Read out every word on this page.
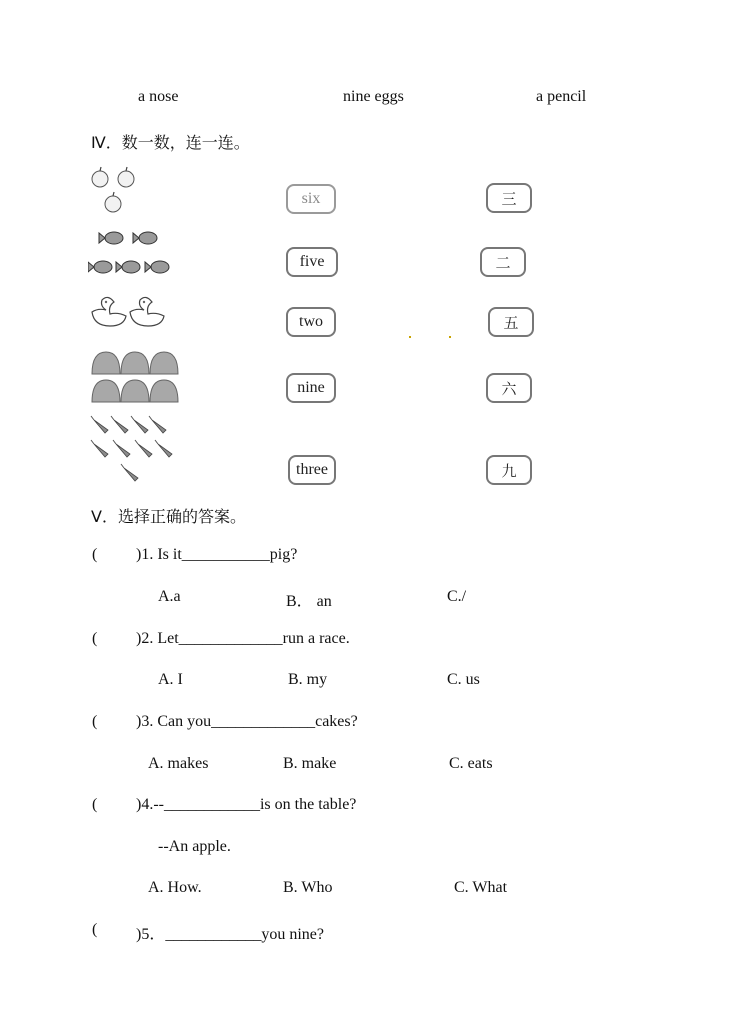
a nose	nine eggs	a pencil
Ⅳ．数一数，连一连。
six
five
two
nine
three
三
二
五
六
九
V．选择正确的答案。
( )1. Is it___________pig?
A.a	B． an	C./
( )2. Let_____________run a race.
A. I	B. my	C. us
( )3. Can you_____________cakes?
A. makes	B. make	C. eats
( )4.--____________is on the table?
--An apple.
A. How.	B. Who	C. What
( )5．____________you nine?
